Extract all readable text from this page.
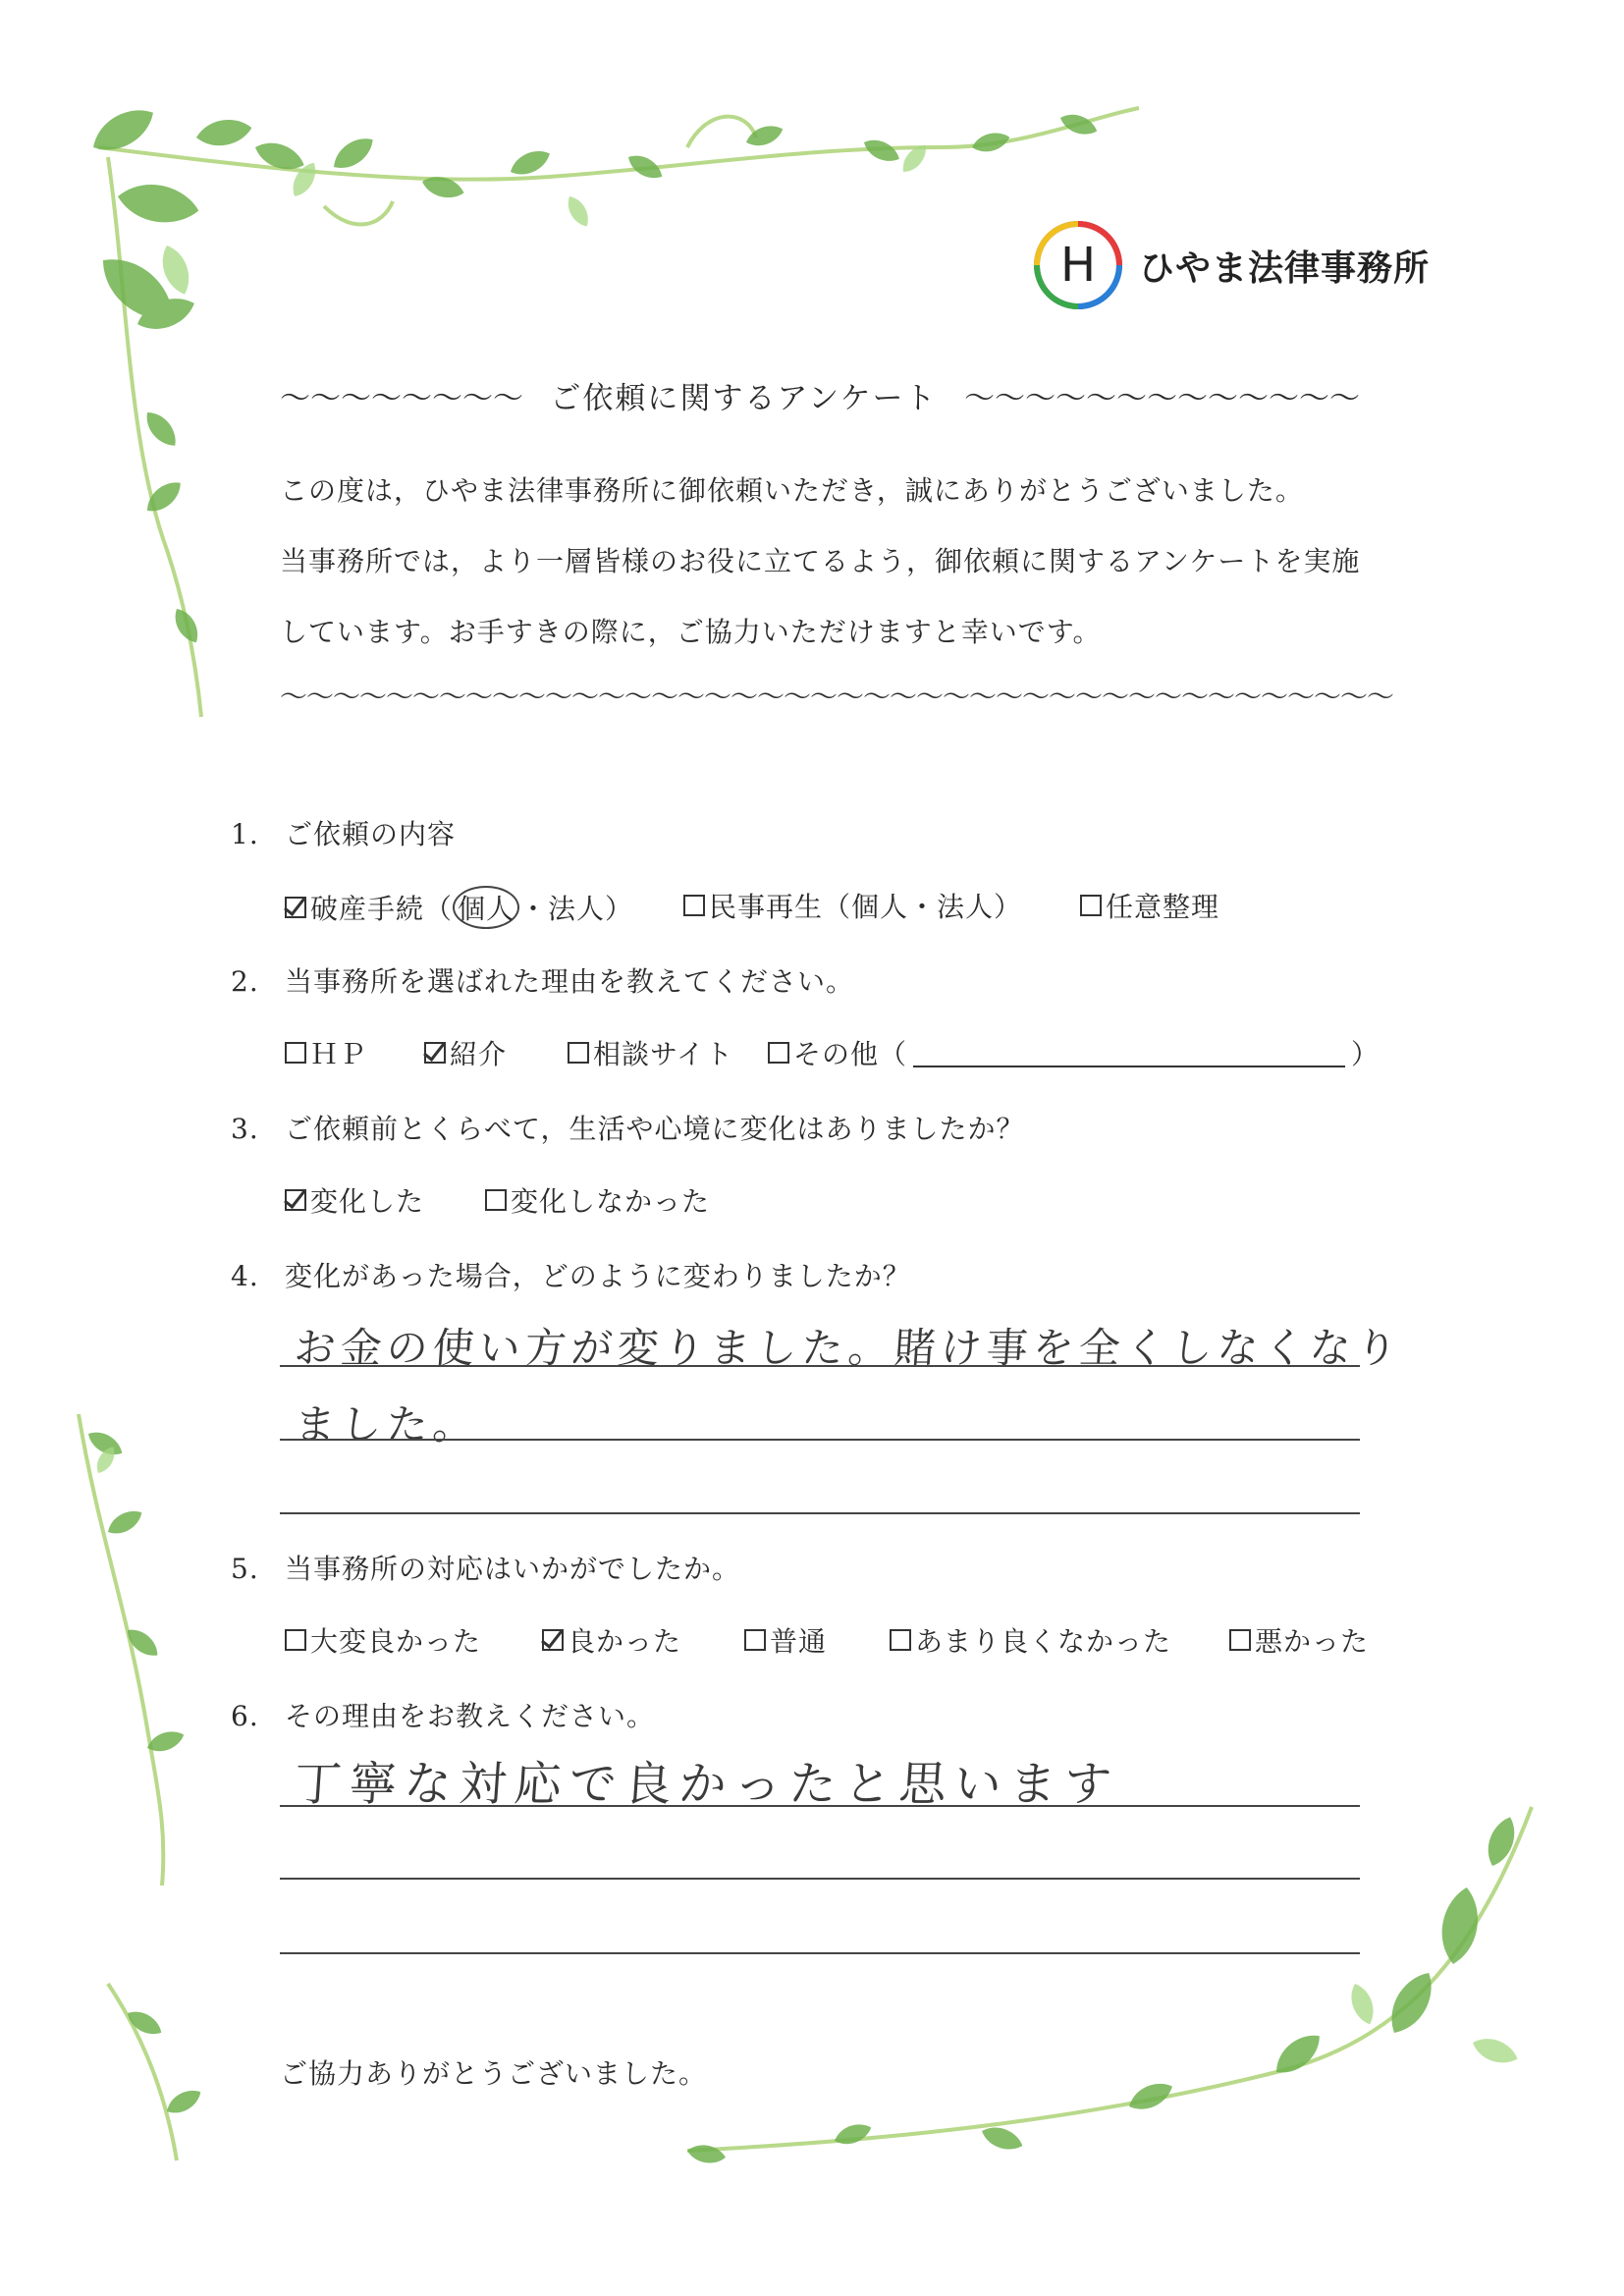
H ひやま法律事務所
～～～～～～～～ ご依頼に関するアンケート ～～～～～～～～～～～～～
この度は，ひやま法律事務所に御依頼いただき，誠にありがとうございました。
当事務所では，より一層皆様のお役に立てるよう，御依頼に関するアンケートを実施
しています。お手すきの際に，ご協力いただけますと幸いです。
～～～～～～～～～～～～～～～～～～～～～～～～～～～～～～～～～～～～～～～～～～
1. ご依頼の内容
破産手続（ 個人 ・法人）	民事再生（個人・法人）	任意整理
2. 当事務所を選ばれた理由を教えてください。
ＨＰ	紹介	相談サイト その他（	）
3. ご依頼前とくらべて，生活や心境に変化はありましたか？
変化した	変化しなかった
4. 変化があった場合，どのように変わりましたか？
お金の使い方が変りました。賭け事を全くしなくなり
ました。
5. 当事務所の対応はいかがでしたか。
大変良かった	良かった	普通	あまり良くなかった	悪かった
6. その理由をお教えください。
丁寧な対応で良かったと思います
ご協力ありがとうございました。
